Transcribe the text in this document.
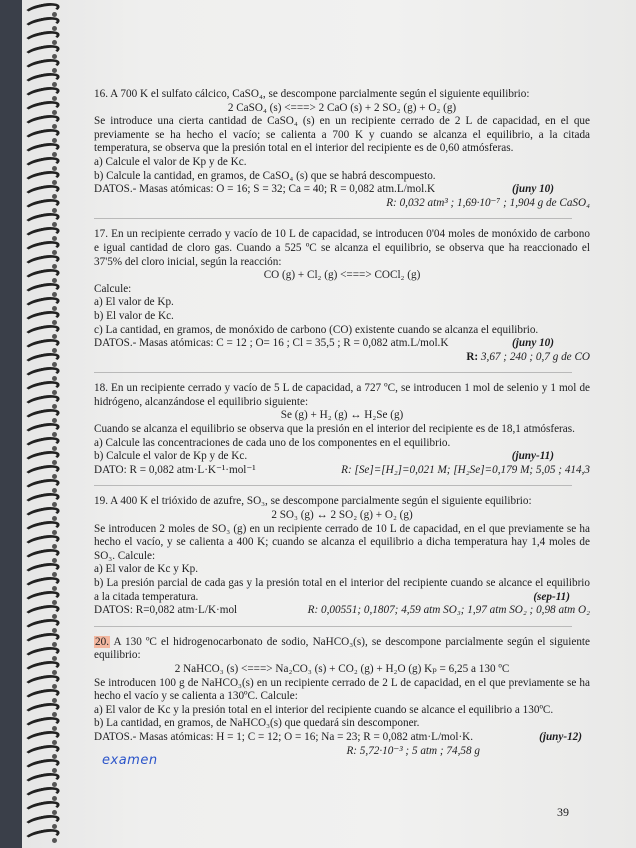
16. A 700 K el sulfato cálcico, CaSO₄, se descompone parcialmente según el siguiente equilibrio:

2 CaSO₄ (s) <===> 2 CaO (s) + 2 SO₂ (g) + O₂ (g)

Se introduce una cierta cantidad de CaSO₄ (s) en un recipiente cerrado de 2 L de capacidad, en el que previamente se ha hecho el vacío; se calienta a 700 K y cuando se alcanza el equilibrio, a la citada temperatura, se observa que la presión total en el interior del recipiente es de 0,60 atmósferas.

a) Calcule el valor de Kp y de Kc.

b) Calcule la cantidad, en gramos, de CaSO₄ (s) que se habrá descompuesto.

DATOS.- Masas atómicas: O = 16; S = 32; Ca = 40; R = 0,082 atm.L/mol.K	(juny 10)

R: 0,032 atm³ ; 1,69·10⁻⁷ ; 1,904 g de CaSO₄

17. En un recipiente cerrado y vacío de 10 L de capacidad, se introducen 0'04 moles de monóxido de carbono e igual cantidad de cloro gas. Cuando a 525 ºC se alcanza el equilibrio, se observa que ha reaccionado el 37'5% del cloro inicial, según la reacción:

CO (g) + Cl₂ (g) <===> COCl₂ (g)

Calcule:

a) El valor de Kp.

b) El valor de Kc.

c) La cantidad, en gramos, de monóxido de carbono (CO) existente cuando se alcanza el equilibrio.

DATOS.- Masas atómicas: C = 12 ; O= 16 ; Cl = 35,5 ; R = 0,082 atm.L/mol.K	(juny 10)

R: 3,67 ; 240 ; 0,7 g de CO

18. En un recipiente cerrado y vacío de 5 L de capacidad, a 727 ºC, se introducen 1 mol de selenio y 1 mol de hidrógeno, alcanzándose el equilibrio siguiente:

Se (g) + H₂ (g) ↔ H₂Se (g)

Cuando se alcanza el equilibrio se observa que la presión en el interior del recipiente es de 18,1 atmósferas.

a) Calcule las concentraciones de cada uno de los componentes en el equilibrio.

b) Calcule el valor de Kp y de Kc.	(juny-11)
DATO: R = 0,082 atm·L·K⁻¹·mol⁻¹	R: [Se]=[H₂]=0,021 M; [H₂Se]=0,179 M; 5,05 ; 414,3

19. A 400 K el trióxido de azufre, SO₃, se descompone parcialmente según el siguiente equilibrio:

2 SO₃ (g) ↔ 2 SO₂ (g) + O₂ (g)

Se introducen 2 moles de SO₃ (g) en un recipiente cerrado de 10 L de capacidad, en el que previamente se ha hecho el vacío, y se calienta a 400 K; cuando se alcanza el equilibrio a dicha temperatura hay 1,4 moles de SO₃. Calcule:

a) El valor de Kc y Kp.

b) La presión parcial de cada gas y la presión total en el interior del recipiente cuando se alcance el equilibrio a la citada temperatura.	(sep-11)

DATOS: R=0,082 atm·L/K·mol	R: 0,00551; 0,1807; 4,59 atm SO₃; 1,97 atm SO₂ ; 0,98 atm O₂

20. A 130 ºC el hidrogenocarbonato de sodio, NaHCO₃(s), se descompone parcialmente según el siguiente equilibrio:

2 NaHCO₃ (s) <===> Na₂CO₃ (s) + CO₂ (g) + H₂O (g) Kₚ = 6,25 a 130 ºC

Se introducen 100 g de NaHCO₃(s) en un recipiente cerrado de 2 L de capacidad, en el que previamente se ha hecho el vacío y se calienta a 130ºC. Calcule:

a) El valor de Kc y la presión total en el interior del recipiente cuando se alcance el equilibrio a 130ºC.

b) La cantidad, en gramos, de NaHCO₃(s) que quedará sin descomponer.

DATOS.- Masas atómicas: H = 1; C = 12; O = 16; Na = 23; R = 0,082 atm·L/mol·K.	(juny-12)

R: 5,72·10⁻³ ; 5 atm ; 74,58 g

examen
39
